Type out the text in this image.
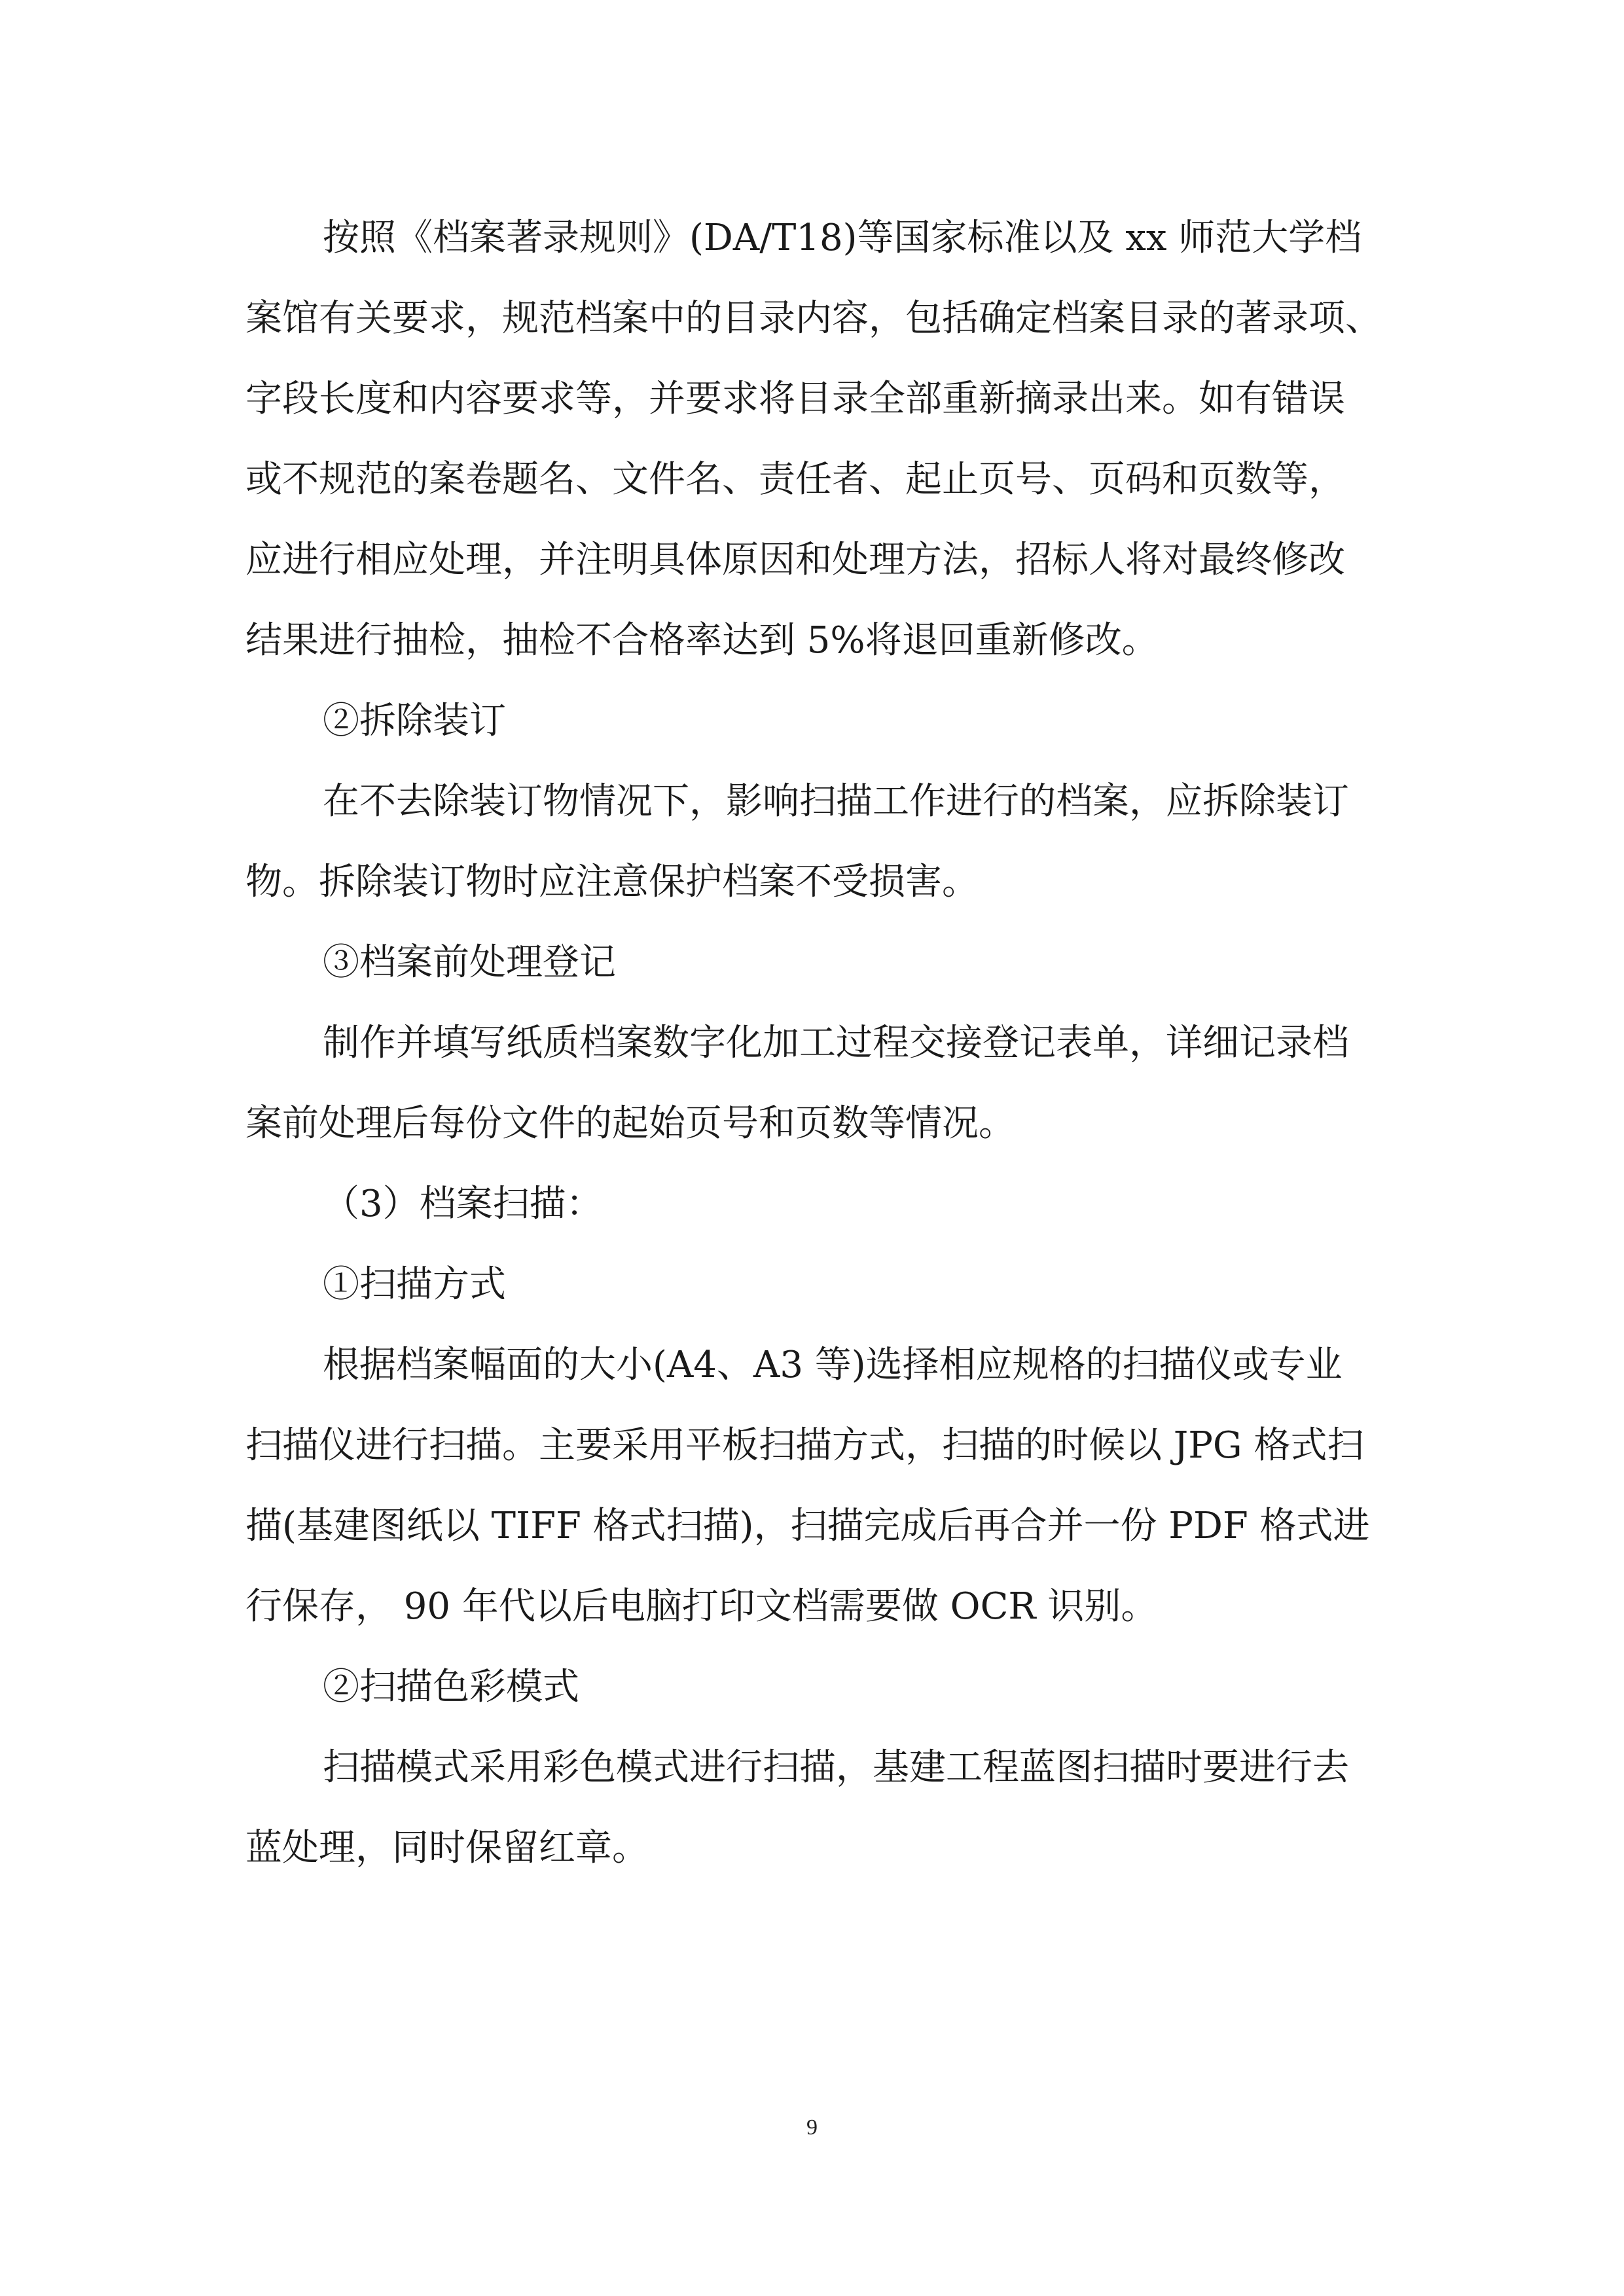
按照《档案著录规则》(DA/T18)等国家标准以及 xx 师范大学档
案馆有关要求，规范档案中的目录内容，包括确定档案目录的著录项、
字段长度和内容要求等，并要求将目录全部重新摘录出来。如有错误
或不规范的案卷题名、文件名、责任者、起止页号、页码和页数等，
应进行相应处理，并注明具体原因和处理方法，招标人将对最终修改
结果进行抽检，抽检不合格率达到 5%将退回重新修改。
②拆除装订
在不去除装订物情况下，影响扫描工作进行的档案，应拆除装订
物。拆除装订物时应注意保护档案不受损害。
③档案前处理登记
制作并填写纸质档案数字化加工过程交接登记表单，详细记录档
案前处理后每份文件的起始页号和页数等情况。
（3）档案扫描：
①扫描方式
根据档案幅面的大小(A4、A3 等)选择相应规格的扫描仪或专业
扫描仪进行扫描。主要采用平板扫描方式，扫描的时候以 JPG 格式扫
描(基建图纸以 TIFF 格式扫描)，扫描完成后再合并一份 PDF 格式进
行保存， 90 年代以后电脑打印文档需要做 OCR 识别。
②扫描色彩模式
扫描模式采用彩色模式进行扫描，基建工程蓝图扫描时要进行去
蓝处理，同时保留红章。
9
